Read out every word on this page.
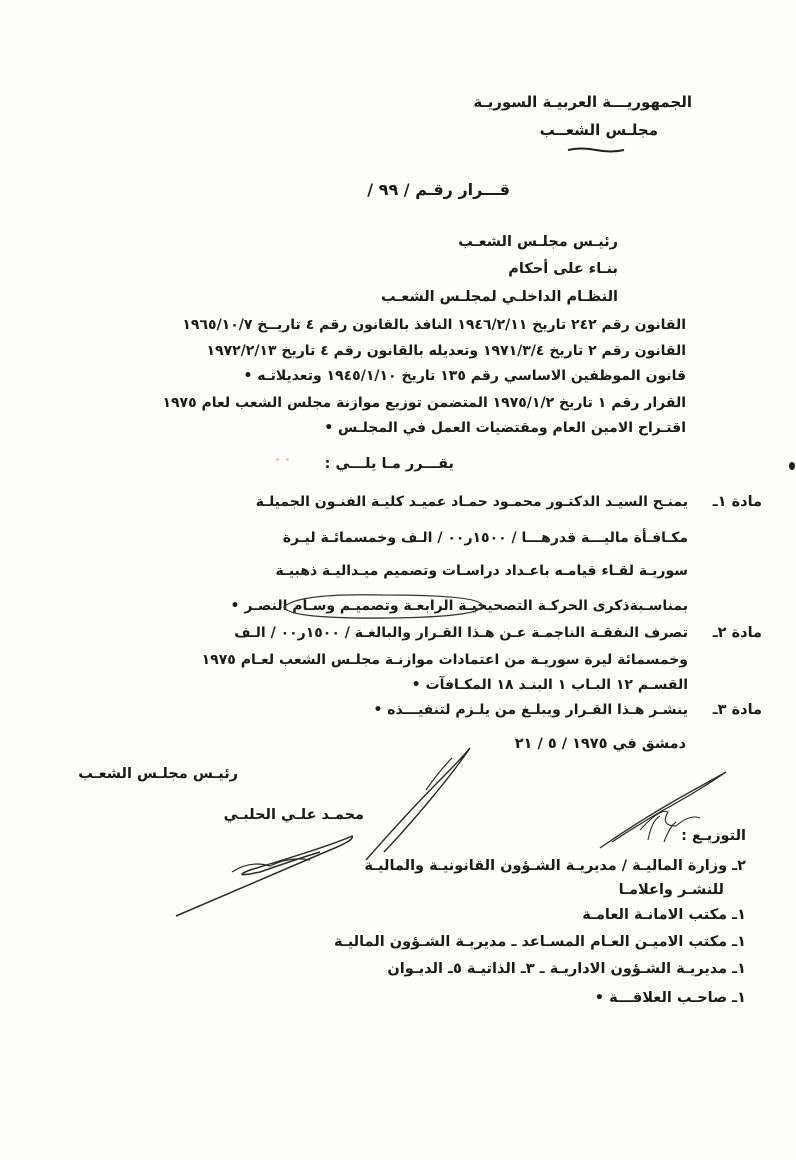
الجمهوريـــة العربيـة السوريـة
مجلـس الشعــب
قـــرار رقـم / ٩٩ /
رئيـس مجلـس الشعـب
بنـاء على أحكام
النظـام الداخلـي لمجلـس الشعـب
القانون رقم ٢٤٢ تاريخ ١٩٤٦/٢/١١ النافذ بالقانون رقم ٤ تاريــخ ١٩٦٥/١٠/٧
القانون رقم ٢ تاريخ ١٩٧١/٣/٤ وتعديله بالقانون رقم ٤ تاريخ ١٩٧٢/٢/١٣
قانون الموظفين الاساسي رقم ١٣٥ تاريخ ١٩٤٥/١/١٠ وتعديلاتـه •
القرار رقم ١ تاريخ ١٩٧٥/١/٢ المتضمن توزيع موازنة مجلس الشعب لعام ١٩٧٥
اقتـراح الامين العام ومقتضيات العمل في المجلـس •
يقـــرر مـا يلـــي :
مادة ١ـ
يمنـح السيـد الدكتـور محمـود حمـاد عميـد كليـة الفنـون الجميلـة
مكـافـأة ماليـــة قدرهـــا / ١٥٠٠ر٠٠ / الـف وخمسمائـة ليـرة
سوريـة لقـاء قيامـه باعـداد دراسـات وتصميم ميـداليـة ذهبيـة
بمناسـبةذكرى الحركـة التصحيحيـة الرابعـة وتصميـم وسـام النصـر •
مادة ٢ـ
تصرف النفقـة الناجمـة عـن هـذا القـرار والبالغـة / ١٥٠٠ر٠٠ / الـف
وخمسمائة ليرة سوريـة من اعتمادات موازنـة مجلـس الشعب لعـام ١٩٧٥
القسـم ١٢ البـاب ١ البنـد ١٨ المكـافآت •
مادة ٣ـ
ينشـر هـذا القـرار ويبلـغ من يلـزم لتنفيـــذه •
دمشق في ١٩٧٥ / ٥ / ٢١
رئيـس مجلـس الشعـب
محمـد علـي الحلبـي
التوزيـع :
٢ـ وزارة الماليـة / مديريـة الشـؤون القانونيـة والماليـة
للنشـر واعلامـا
١ـ مكتب الامانـة العامـة
١ـ مكتب الاميـن العـام المسـاعد ـ مديريـة الشـؤون الماليـة
١ـ مديريـة الشـؤون الاداريـة ـ ٣ـ الذاتيـة ٥ـ الديـوان
١ـ صاحـب العلاقـــة •
